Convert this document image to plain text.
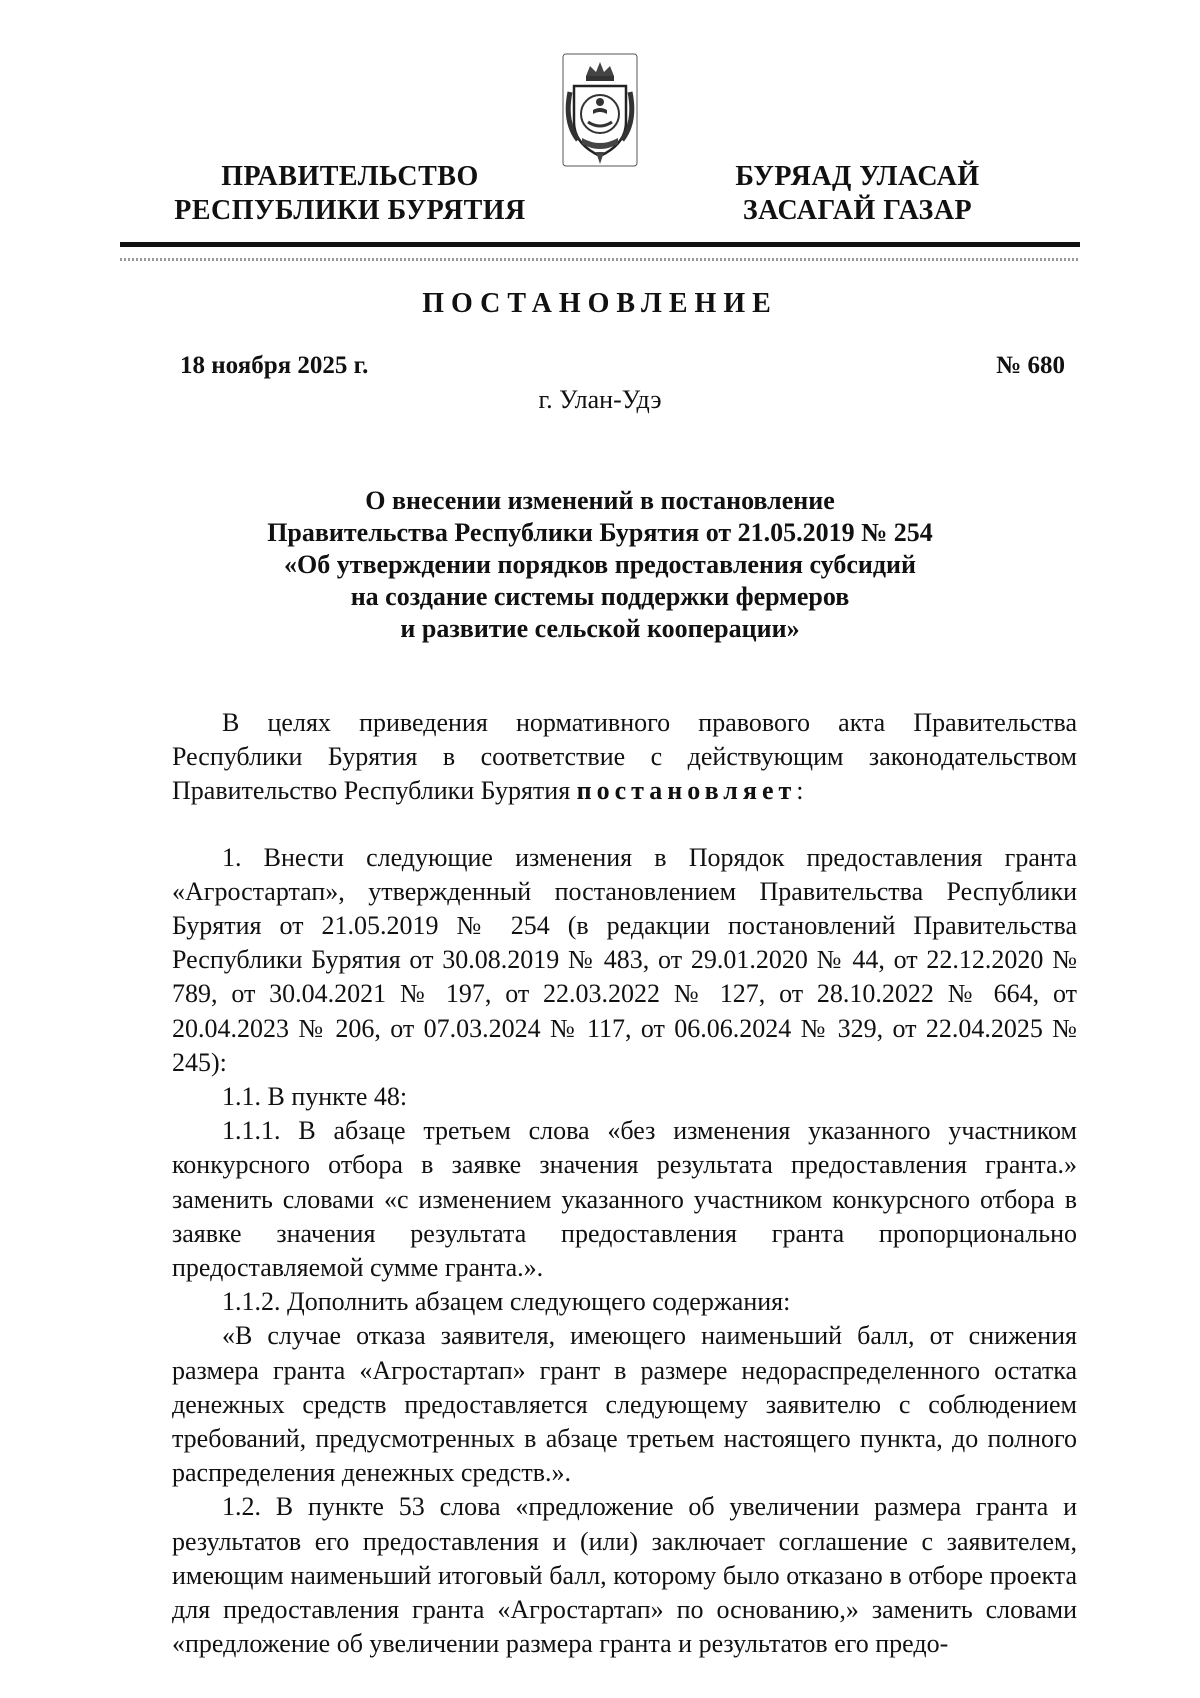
ПРАВИТЕЛЬСТВО
РЕСПУБЛИКИ БУРЯТИЯ
БУРЯАД УЛАСАЙ
ЗАСАГАЙ ГАЗАР
ПОСТАНОВЛЕНИЕ
18 ноября 2025 г.	№ 680
г. Улан-Удэ
О внесении изменений в постановление
Правительства Республики Бурятия от 21.05.2019 № 254
«Об утверждении порядков предоставления субсидий
на создание системы поддержки фермеров
и развитие сельской кооперации»

В целях приведения нормативного правового акта Правительства Республики Бурятия в соответствие с действующим законодательством Правительство Республики Бурятия постановляет:

1. Внести следующие изменения в Порядок предоставления гранта «Агростартап», утвержденный постановлением Правительства Республики Бурятия от 21.05.2019 № 254 (в редакции постановлений Правительства Республики Бурятия от 30.08.2019 № 483, от 29.01.2020 № 44, от 22.12.2020 № 789, от 30.04.2021 № 197, от 22.03.2022 № 127, от 28.10.2022 № 664, от 20.04.2023 № 206, от 07.03.2024 № 117, от 06.06.2024 № 329, от 22.04.2025 № 245):

1.1. В пункте 48:

1.1.1. В абзаце третьем слова «без изменения указанного участником конкурсного отбора в заявке значения результата предоставления гранта.» заменить словами «с изменением указанного участником конкурсного отбора в заявке значения результата предоставления гранта пропорционально предоставляемой сумме гранта.».

1.1.2. Дополнить абзацем следующего содержания:

«В случае отказа заявителя, имеющего наименьший балл, от снижения размера гранта «Агростартап» грант в размере недораспределенного остатка денежных средств предоставляется следующему заявителю с соблюдением требований, предусмотренных в абзаце третьем настоящего пункта, до полного распределения денежных средств.».

1.2. В пункте 53 слова «предложение об увеличении размера гранта и результатов его предоставления и (или) заключает соглашение с заявителем, имеющим наименьший итоговый балл, которому было отказано в отборе проекта для предоставления гранта «Агростартап» по основанию,» заменить словами «предложение об увеличении размера гранта и результатов его предо-
